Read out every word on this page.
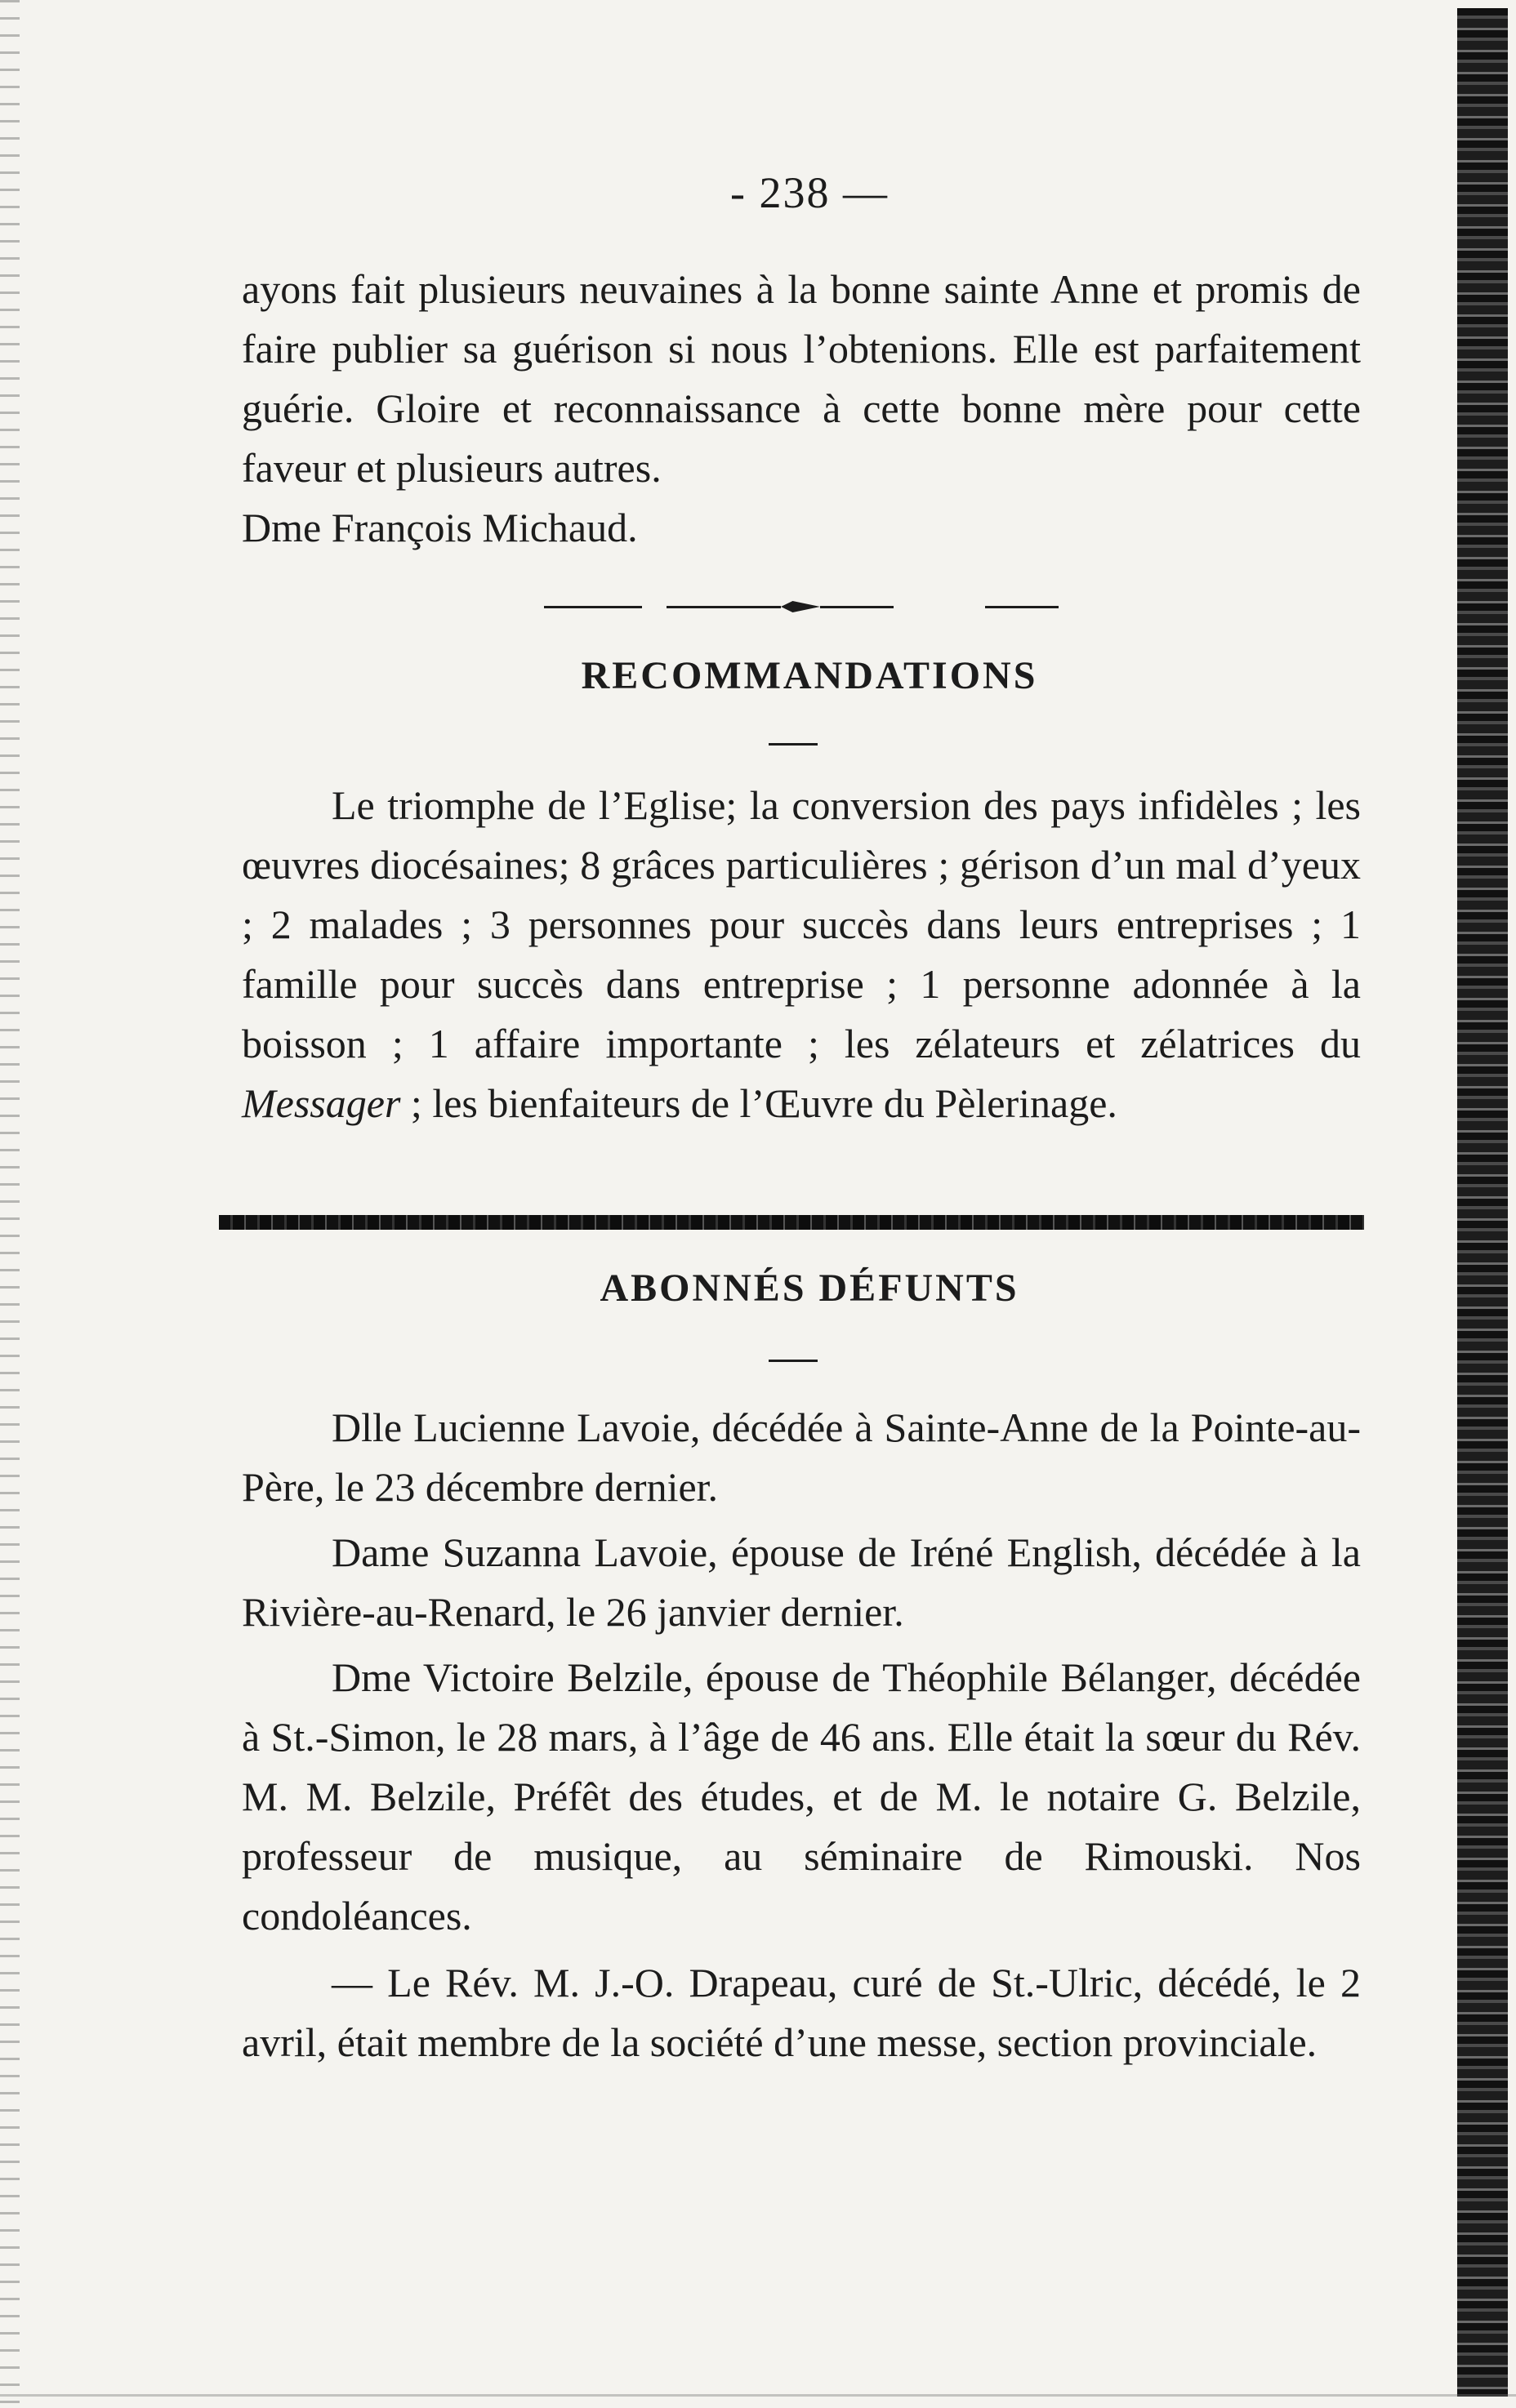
- 238 —
ayons fait plusieurs neuvaines à la bonne sainte Anne et promis de faire publier sa guérison si nous l’obtenions. Elle est parfaitement guérie. Gloire et reconnaissance à cette bonne mère pour cette faveur et plusieurs autres.
Dme François Michaud.
RECOMMANDATIONS

Le triomphe de l’Eglise; la conversion des pays infidèles ; les œuvres diocésaines; 8 grâces particulières ; gérison d’un mal d’yeux ; 2 malades ; 3 personnes pour succès dans leurs entreprises ; 1 famille pour succès dans entreprise ; 1 personne adonnée à la boisson ; 1 affaire importante ; les zélateurs et zélatrices du Messager ; les bienfaiteurs de l’Œuvre du Pèlerinage.

ABONNÉS DÉFUNTS

Dlle Lucienne Lavoie, décédée à Sainte-Anne de la Pointe-au-Père, le 23 décembre dernier.

Dame Suzanna Lavoie, épouse de Iréné English, décédée à la Rivière-au-Renard, le 26 janvier dernier.

Dme Victoire Belzile, épouse de Théophile Bélanger, décédée à St.-Simon, le 28 mars, à l’âge de 46 ans. Elle était la sœur du Rév. M. M. Belzile, Préfêt des études, et de M. le notaire G. Belzile, professeur de musique, au séminaire de Rimouski. Nos condoléances.

— Le Rév. M. J.-O. Drapeau, curé de St.-Ulric, décédé, le 2 avril, était membre de la société d’une messe, section provinciale.
